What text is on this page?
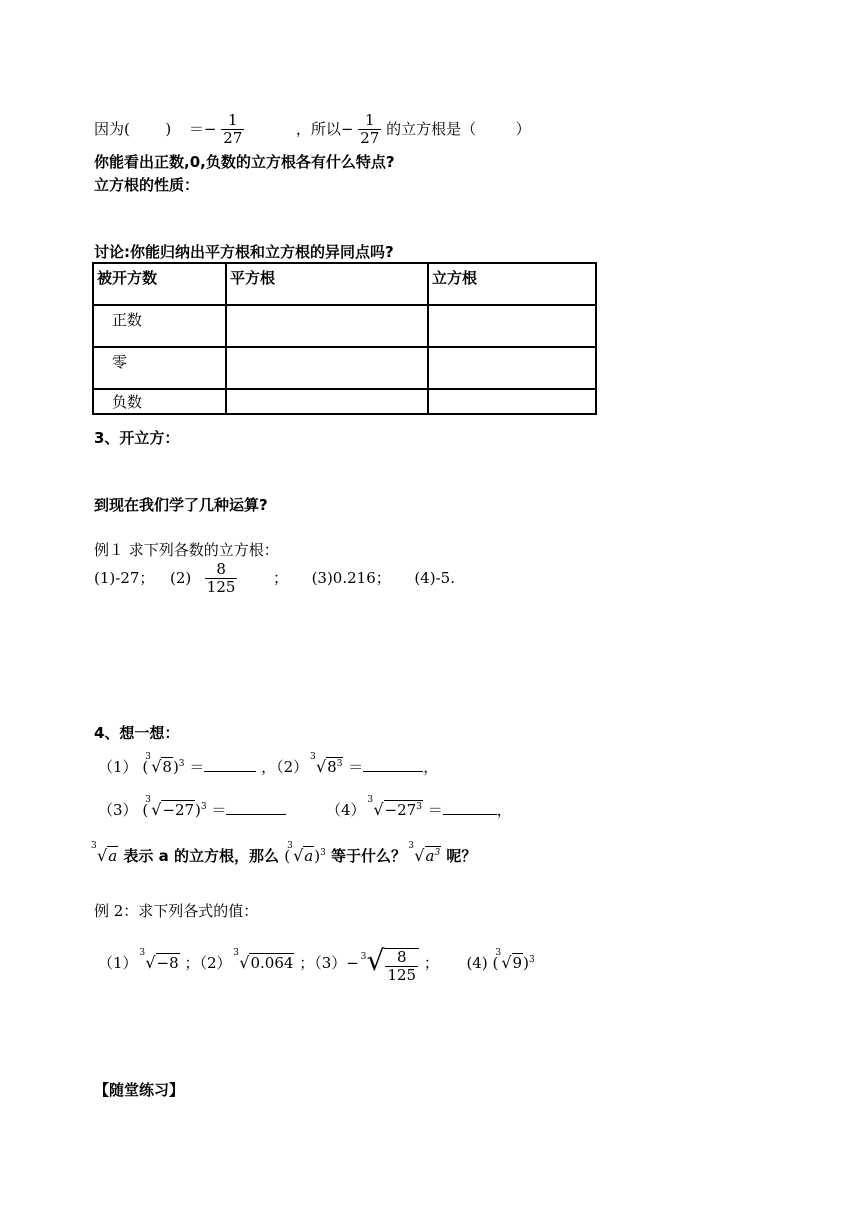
因为( ) ＝− $\frac{1}{27}$	，所以− $\frac{1}{27}$ 的立方根是（	）
你能看出正数,0,负数的立方根各有什么特点?
立方根的性质：
讨论:你能归纳出平方根和立方根的异同点吗?
被开方数	平方根	立方根
正数		
零		
负数		
3、开立方：
到现在我们学了几种运算?
例１ 求下列各数的立方根：
(1)-27； $(2) \frac{8}{125}$ ； (3)0.216； (4)-5.
4、想一想：
（1） (
3 √8)$^3$ ＝	，（2）
3 $√8^3$ ＝	，
（3） (
3 √−27)$^3$ ＝	（4）
3 $√-27^3$ ＝	，
3 √a 表示 a 的立方根，那么 (
3 √a)$^3$ 等于什么？
3 $√a^3$ 呢？
例 2：求下列各式的值：
（1）
3 √−8 ；（2）
3 √0.064 ；（3）− 3 √ $\frac{8}{125}$ ； (4) (
3 √9)$^3$
【随堂练习】
